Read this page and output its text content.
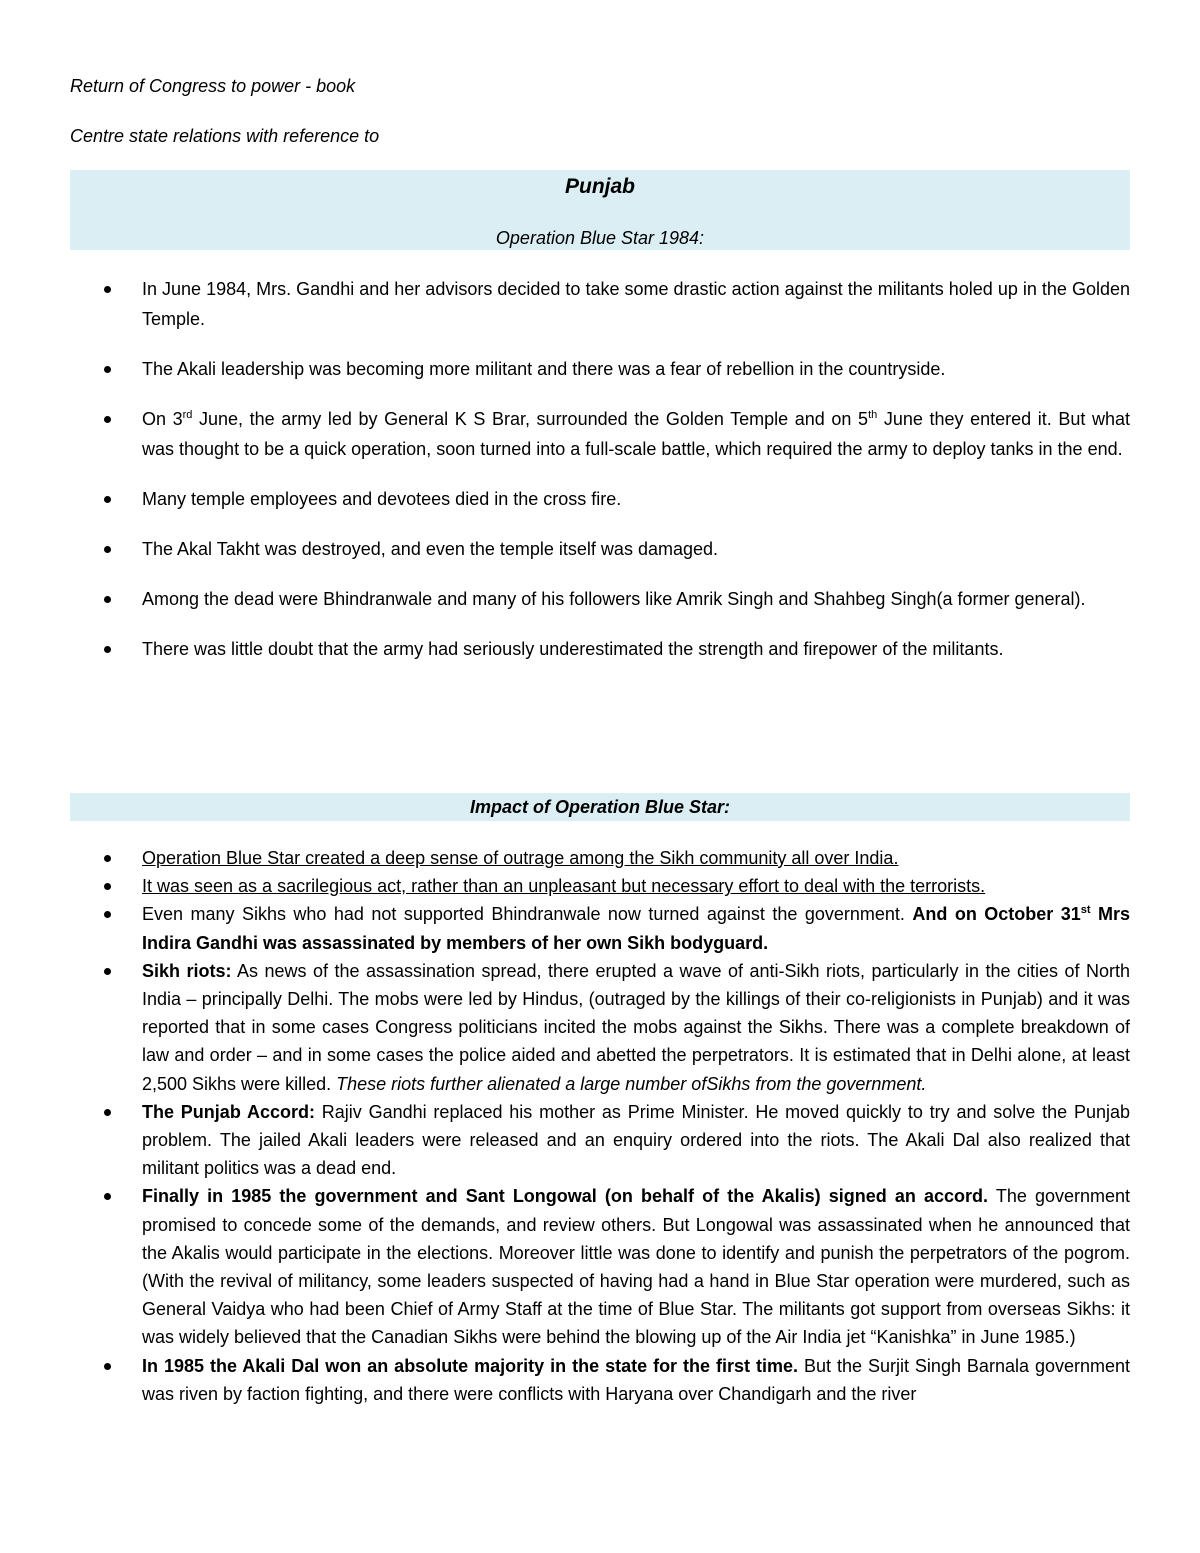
Return of Congress to power - book
Centre state relations with reference to
Punjab
Operation Blue Star 1984:
In June 1984, Mrs. Gandhi and her advisors decided to take some drastic action against the militants holed up in the Golden Temple.
The Akali leadership was becoming more militant and there was a fear of rebellion in the countryside.
On 3rd June, the army led by General K S Brar, surrounded the Golden Temple and on 5th June they entered it. But what was thought to be a quick operation, soon turned into a full-scale battle, which required the army to deploy tanks in the end.
Many temple employees and devotees died in the cross fire.
The Akal Takht was destroyed, and even the temple itself was damaged.
Among the dead were Bhindranwale and many of his followers like Amrik Singh and Shahbeg Singh(a former general).
There was little doubt that the army had seriously underestimated the strength and firepower of the militants.
Impact of Operation Blue Star:
Operation Blue Star created a deep sense of outrage among the Sikh community all over India.
It was seen as a sacrilegious act, rather than an unpleasant but necessary effort to deal with the terrorists.
Even many Sikhs who had not supported Bhindranwale now turned against the government. And on October 31st Mrs Indira Gandhi was assassinated by members of her own Sikh bodyguard.
Sikh riots: As news of the assassination spread, there erupted a wave of anti-Sikh riots, particularly in the cities of North India – principally Delhi. The mobs were led by Hindus, (outraged by the killings of their co-religionists in Punjab) and it was reported that in some cases Congress politicians incited the mobs against the Sikhs. There was a complete breakdown of law and order – and in some cases the police aided and abetted the perpetrators. It is estimated that in Delhi alone, at least 2,500 Sikhs were killed. These riots further alienated a large number ofSikhs from the government.
The Punjab Accord: Rajiv Gandhi replaced his mother as Prime Minister. He moved quickly to try and solve the Punjab problem. The jailed Akali leaders were released and an enquiry ordered into the riots. The Akali Dal also realized that militant politics was a dead end.
Finally in 1985 the government and Sant Longowal (on behalf of the Akalis) signed an accord. The government promised to concede some of the demands, and review others. But Longowal was assassinated when he announced that the Akalis would participate in the elections. Moreover little was done to identify and punish the perpetrators of the pogrom. (With the revival of militancy, some leaders suspected of having had a hand in Blue Star operation were murdered, such as General Vaidya who had been Chief of Army Staff at the time of Blue Star. The militants got support from overseas Sikhs: it was widely believed that the Canadian Sikhs were behind the blowing up of the Air India jet “Kanishka” in June 1985.)
In 1985 the Akali Dal won an absolute majority in the state for the first time. But the Surjit Singh Barnala government was riven by faction fighting, and there were conflicts with Haryana over Chandigarh and the river
